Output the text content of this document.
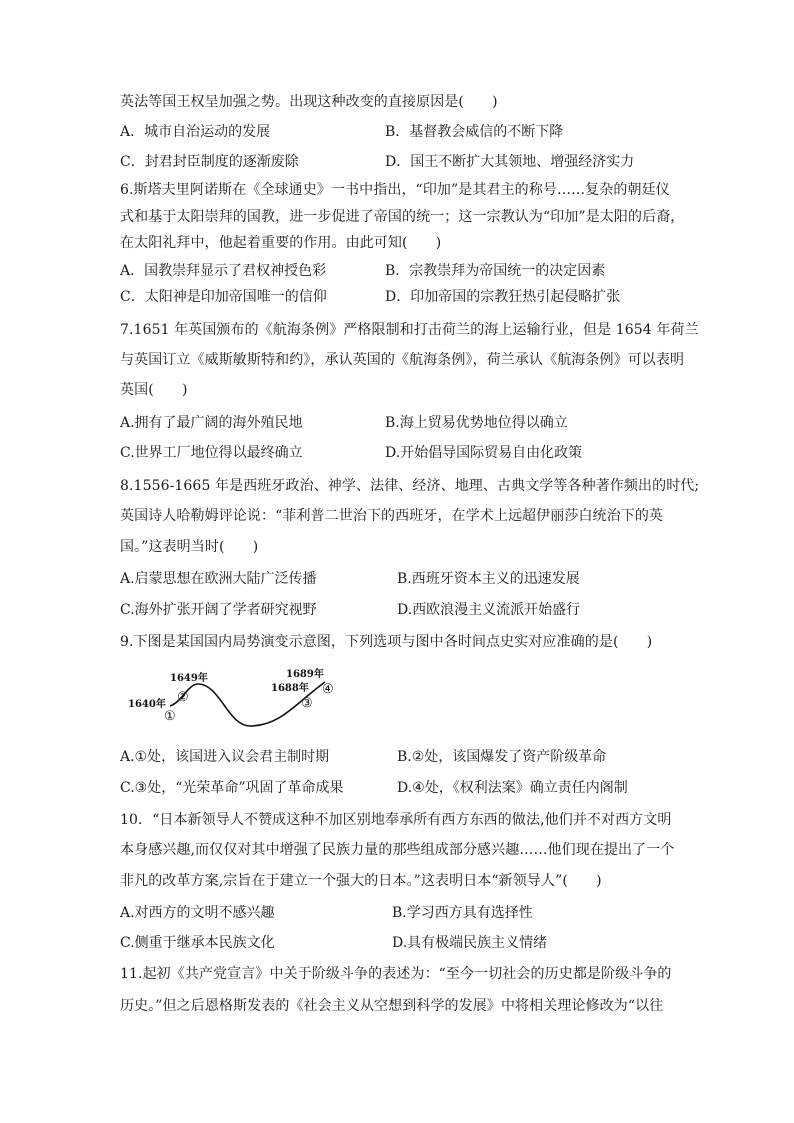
英法等国王权呈加强之势。出现这种改变的直接原因是(　　)
A．城市自治运动的发展	B．基督教会威信的不断下降
C．封君封臣制度的逐渐废除	D．国王不断扩大其领地、增强经济实力
6.斯塔夫里阿诺斯在《全球通史》一书中指出，“印加”是其君主的称号……复杂的朝廷仪
式和基于太阳崇拜的国教，进一步促进了帝国的统一；这一宗教认为“印加”是太阳的后裔，
在太阳礼拜中，他起着重要的作用。由此可知(　　)
A．国教崇拜显示了君权神授色彩	B．宗教崇拜为帝国统一的决定因素
C．太阳神是印加帝国唯一的信仰	D．印加帝国的宗教狂热引起侵略扩张
7.1651 年英国颁布的《航海条例》严格限制和打击荷兰的海上运输行业，但是 1654 年荷兰
与英国订立《威斯敏斯特和约》，承认英国的《航海条例》，荷兰承认《航海条例》可以表明
英国(　　)
A.拥有了最广阔的海外殖民地	B.海上贸易优势地位得以确立
C.世界工厂地位得以最终确立	D.开始倡导国际贸易自由化政策
8.1556-1665 年是西班牙政治、神学、法律、经济、地理、古典文学等各种著作频出的时代;
英国诗人哈勒姆评论说：“菲利普二世治下的西班牙，在学术上远超伊丽莎白统治下的英
国。”这表明当时(　　)
A.启蒙思想在欧洲大陆广泛传播	B.西班牙资本主义的迅速发展
C.海外扩张开阔了学者研究视野	D.西欧浪漫主义流派开始盛行
9.下图是某国国内局势演变示意图，下列选项与图中各时间点史实对应准确的是(　　)
1640年
1649年	1689年
1688年
①
②	③
④
A.①处，该国进入议会君主制时期	B.②处，该国爆发了资产阶级革命
C.③处，“光荣革命”巩固了革命成果	D.④处，《权利法案》确立责任内阁制
10．“日本新领导人不赞成这种不加区别地奉承所有西方东西的做法,他们并不对西方文明
本身感兴趣,而仅仅对其中增强了民族力量的那些组成部分感兴趣……他们现在提出了一个
非凡的改革方案,宗旨在于建立一个强大的日本。”这表明日本“新领导人”(　　)
A.对西方的文明不感兴趣	B.学习西方具有选择性
C.侧重于继承本民族文化	D.具有极端民族主义情绪
11.起初《共产党宣言》中关于阶级斗争的表述为：“至今一切社会的历史都是阶级斗争的
历史。”但之后恩格斯发表的《社会主义从空想到科学的发展》中将相关理论修改为“以往
